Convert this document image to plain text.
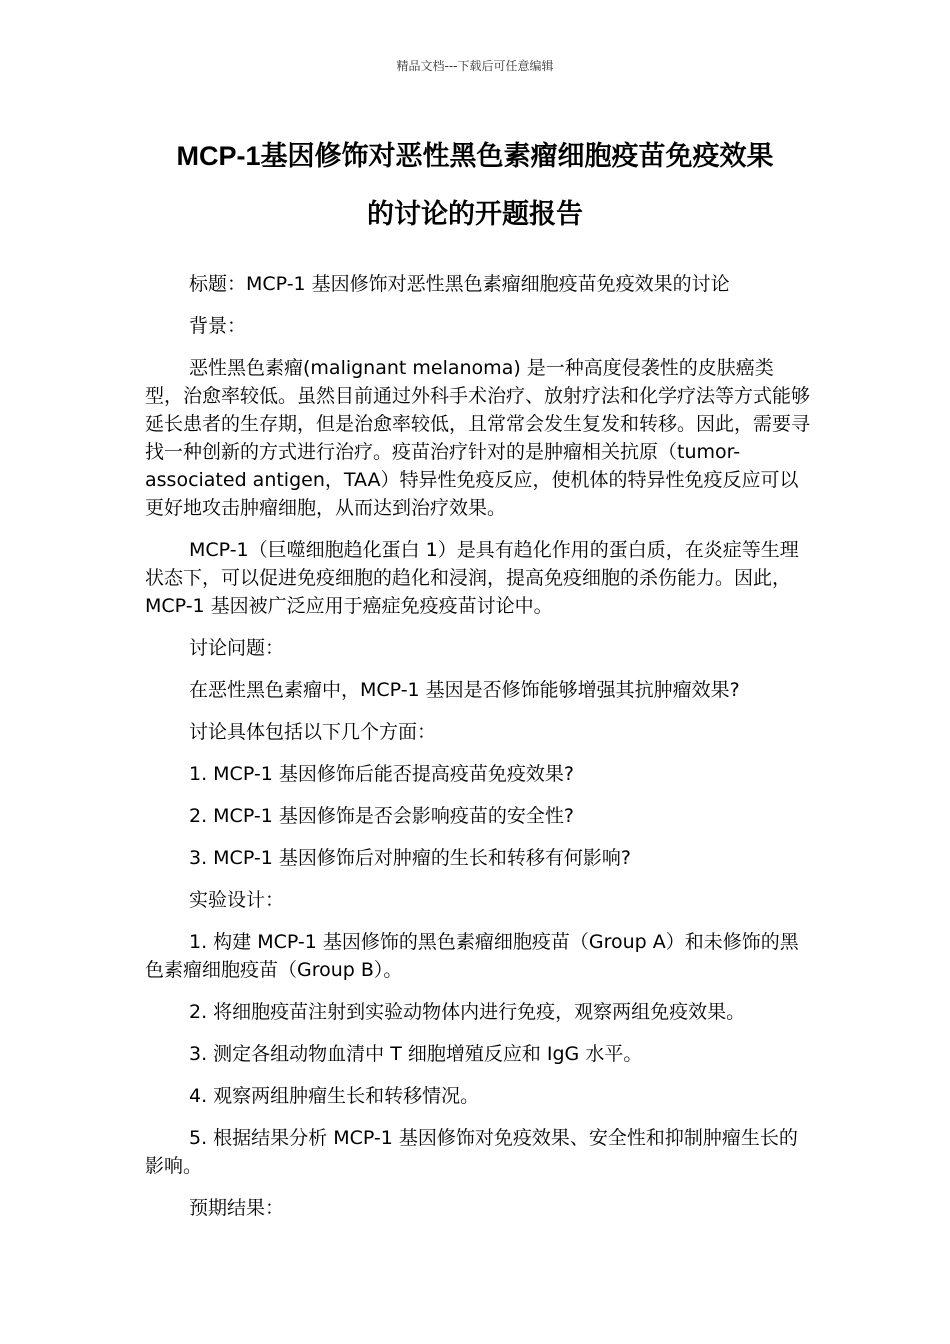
精品文档---下载后可任意编辑
MCP-1基因修饰对恶性黑色素瘤细胞疫苗免疫效果
的讨论的开题报告

标题：MCP-1 基因修饰对恶性黑色素瘤细胞疫苗免疫效果的讨论

背景：

恶性黑色素瘤(malignant melanoma) 是一种高度侵袭性的皮肤癌类型，治愈率较低。虽然目前通过外科手术治疗、放射疗法和化学疗法等方式能够延长患者的生存期，但是治愈率较低，且常常会发生复发和转移。因此，需要寻找一种创新的方式进行治疗。疫苗治疗针对的是肿瘤相关抗原（tumor-associated antigen，TAA）特异性免疫反应，使机体的特异性免疫反应可以更好地攻击肿瘤细胞，从而达到治疗效果。

MCP-1（巨噬细胞趋化蛋白 1）是具有趋化作用的蛋白质，在炎症等生理状态下，可以促进免疫细胞的趋化和浸润，提高免疫细胞的杀伤能力。因此，MCP-1 基因被广泛应用于癌症免疫疫苗讨论中。

讨论问题：

在恶性黑色素瘤中，MCP-1 基因是否修饰能够增强其抗肿瘤效果?

讨论具体包括以下几个方面：

1. MCP-1 基因修饰后能否提高疫苗免疫效果?

2. MCP-1 基因修饰是否会影响疫苗的安全性?

3. MCP-1 基因修饰后对肿瘤的生长和转移有何影响?

实验设计：

1. 构建 MCP-1 基因修饰的黑色素瘤细胞疫苗（Group A）和未修饰的黑色素瘤细胞疫苗（Group B）。

2. 将细胞疫苗注射到实验动物体内进行免疫，观察两组免疫效果。

3. 测定各组动物血清中 T 细胞增殖反应和 IgG 水平。

4. 观察两组肿瘤生长和转移情况。

5. 根据结果分析 MCP-1 基因修饰对免疫效果、安全性和抑制肿瘤生长的影响。

预期结果：
